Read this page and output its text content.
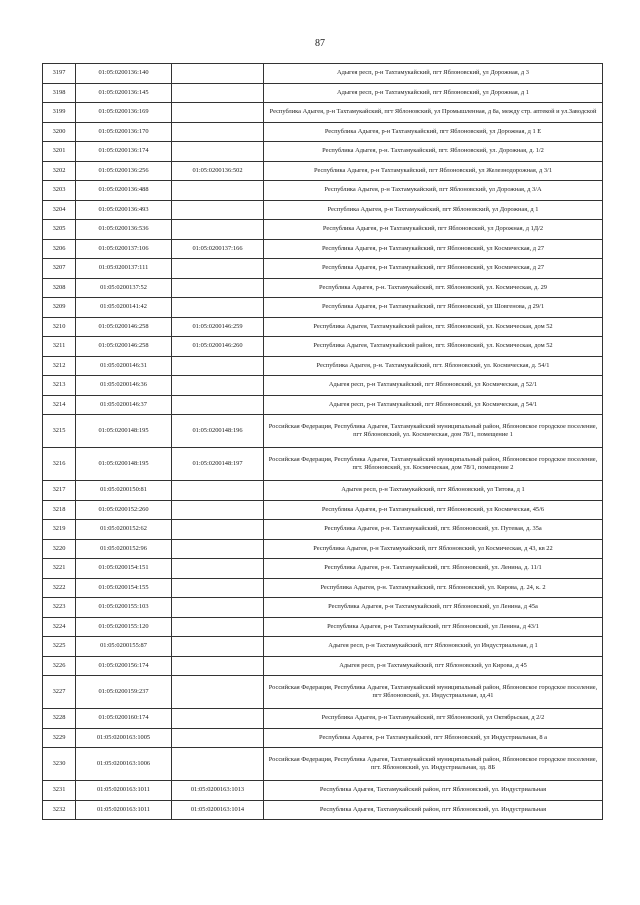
87
3197	01:05:0200136:140		Адыгея респ, р-н Тахтамукайский, пгт Яблоновский, ул Дорожная, д 3
3198	01:05:0200136:145		Адыгея респ, р-н Тахтамукайский, пгт Яблоновский, ул Дорожная, д 1
3199	01:05:0200136:169		Республика Адыгея, р-н Тахтамукайский, пгт Яблоновский, ул Промышленная, д 8а, между стр. аптекой и ул.Заводской
3200	01:05:0200136:170		Республика Адыгея, р-н Тахтамукайский, пгт Яблоновский, ул Дорожная, д 1 Е
3201	01:05:0200136:174		Республика Адыгея, р-н. Тахтамукайский, пгт. Яблоновский, ул. Дорожная, д. 1/2
3202	01:05:0200136:256	01:05:0200136:502	Республика Адыгея, р-н Тахтамукайский, пгт Яблоновский, ул Железнодорожная, д 3/1
3203	01:05:0200136:488		Республика Адыгея, р-н Тахтамукайский, пгт Яблоновский, ул Дорожная, д 3/А
3204	01:05:0200136:493		Республика Адыгея, р-н Тахтамукайский, пгт Яблоновский, ул Дорожная, д 1
3205	01:05:0200136:536		Республика Адыгея, р-н Тахтамукайский, пгт Яблоновский, ул Дорожная, д 1Д/2
3206	01:05:0200137:106	01:05:0200137:166	Республика Адыгея, р-н Тахтамукайский, пгт Яблоновский, ул Космическая, д 27
3207	01:05:0200137:111		Республика Адыгея, р-н Тахтамукайский, пгт Яблоновский, ул Космическая, д 27
3208	01:05:0200137:52		Республика Адыгея, р-н. Тахтамукайский, пгт. Яблоновский, ул. Космическая, д. 29
3209	01:05:0200141:42		Республика Адыгея, р-н Тахтамукайский, пгт Яблоновский, ул Шовгенова, д 29/1
3210	01:05:0200146:258	01:05:0200146:259	Республика Адыгея, Тахтамукайский район, пгт. Яблоновский, ул. Космическая, дом 52
3211	01:05:0200146:258	01:05:0200146:260	Республика Адыгея, Тахтамукайский район, пгт. Яблоновский, ул. Космическая, дом 52
3212	01:05:0200146:31		Республика Адыгея, р-н. Тахтамукайский, пгт. Яблоновский, ул. Космическая, д. 54/1
3213	01:05:0200146:36		Адыгея респ, р-н Тахтамукайский, пгт Яблоновский, ул Космическая, д 52/1
3214	01:05:0200146:37		Адыгея респ, р-н Тахтамукайский, пгт Яблоновский, ул Космическая, д 54/1
3215	01:05:0200148:195	01:05:0200148:196	Российская Федерация, Республика Адыгея, Тахтамукайский муниципальный район, Яблоновское городское поселение, пгт Яблоновский, ул. Космическая, дом 78/1, помещение 1
3216	01:05:0200148:195	01:05:0200148:197	Российская Федерация, Республика Адыгея, Тахтамукайский муниципальный район, Яблоновское городское поселение, пгт. Яблоновский, ул. Космическая, дом 78/1, помещение 2
3217	01:05:0200150:81		Адыгея респ, р-н Тахтамукайский, пгт Яблоновский, ул Титова, д 1
3218	01:05:0200152:260		Республика Адыгея, р-н Тахтамукайский, пгт Яблоновский, ул Космическая, 45/6
3219	01:05:0200152:62		Республика Адыгея, р-н. Тахтамукайский, пгт. Яблоновский, ул. Путевая, д. 35а
3220	01:05:0200152:96		Республика Адыгея, р-н Тахтамукайский, пгт Яблоновский, ул Космическая, д 43, кв 22
3221	01:05:0200154:151		Республика Адыгея, р-н. Тахтамукайский, пгт. Яблоновский, ул. Ленина, д. 11/1
3222	01:05:0200154:155		Республика Адыгея, р-н. Тахтамукайский, пгт. Яблоновский, ул. Кирова, д. 24, к. 2
3223	01:05:0200155:103		Республика Адыгея, р-н Тахтамукайский, пгт Яблоновский, ул Ленина, д 45а
3224	01:05:0200155:120		Республика Адыгея, р-н Тахтамукайский, пгт Яблоновский, ул Ленина, д 43/1
3225	01:05:0200155:87		Адыгея респ, р-н Тахтамукайский, пгт Яблоновский, ул Индустриальная, д 1
3226	01:05:0200156:174		Адыгея респ, р-н Тахтамукайский, пгт Яблоновский, ул Кирова, д 45
3227	01:05:0200159:237		Российская Федерация, Республика Адыгея, Тахтамукайский муниципальный район, Яблоновское городское поселение, пгт Яблоновский, ул. Индустриальная, зд.41
3228	01:05:0200160:174		Республика Адыгея, р-н Тахтамукайский, пгт Яблоновский, ул Октябрьская, д 2/2
3229	01:05:0200163:1005		Республика Адыгея, р-н Тахтамукайский, пгт Яблоновский, ул Индустриальная, 8 а
3230	01:05:0200163:1006		Российская Федерация, Республика Адыгея, Тахтамукайский муниципальный район, Яблоновское городское поселение, пгт. Яблоновский, ул. Индустриальная, зд. 8Б
3231	01:05:0200163:1011	01:05:0200163:1013	Республика Адыгея, Тахтамукайский район, пгт Яблоновский, ул. Индустриальная
3232	01:05:0200163:1011	01:05:0200163:1014	Республика Адыгея, Тахтамукайский район, пгт Яблоновский, ул. Индустриальная
